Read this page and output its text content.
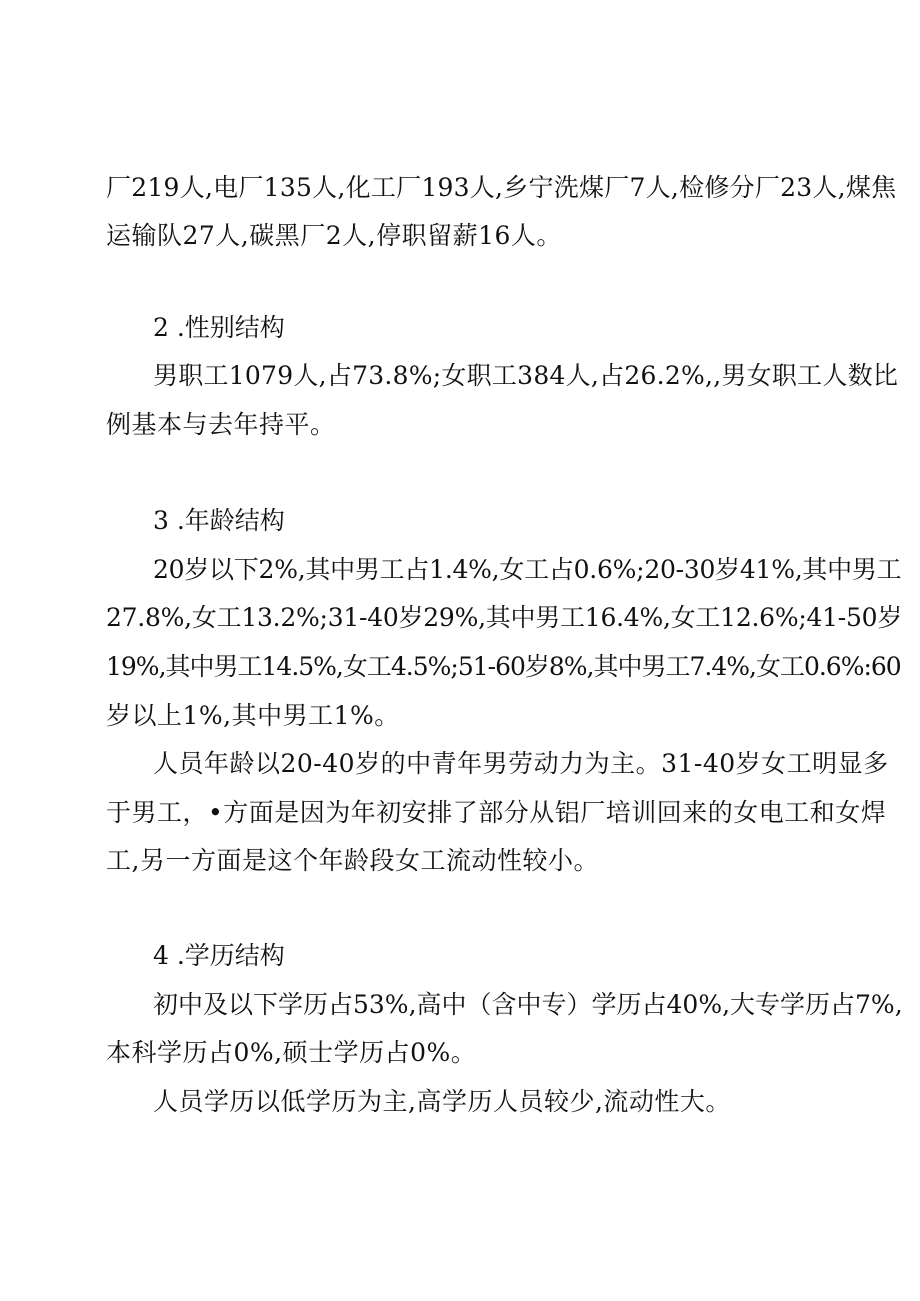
厂219人,电厂135人,化工厂193人,乡宁洗煤厂7人,检修分厂23人,煤焦
运输队27人,碳黑厂2人,停职留薪16人。
2 .性别结构
男职工1079人,占73.8%;女职工384人,占26.2%,,男女职工人数比
例基本与去年持平。
3 .年龄结构
20岁以下2%,其中男工占1.4%,女工占0.6%;20-30岁41%,其中男工
27.8%,女工13.2%;31-40岁29%,其中男工16.4%,女工12.6%;41-50岁
19%,其中男工14.5%,女工4.5%;51-60岁8%,其中男工7.4%,女工0.6%:60
岁以上1%,其中男工1%。
人员年龄以20-40岁的中青年男劳动力为主。31-40岁女工明显多
于男工，•方面是因为年初安排了部分从铝厂培训回来的女电工和女焊
工,另一方面是这个年龄段女工流动性较小。
4 .学历结构
初中及以下学历占53%,高中（含中专）学历占40%,大专学历占7%,
本科学历占0%,硕士学历占0%。
人员学历以低学历为主,高学历人员较少,流动性大。
